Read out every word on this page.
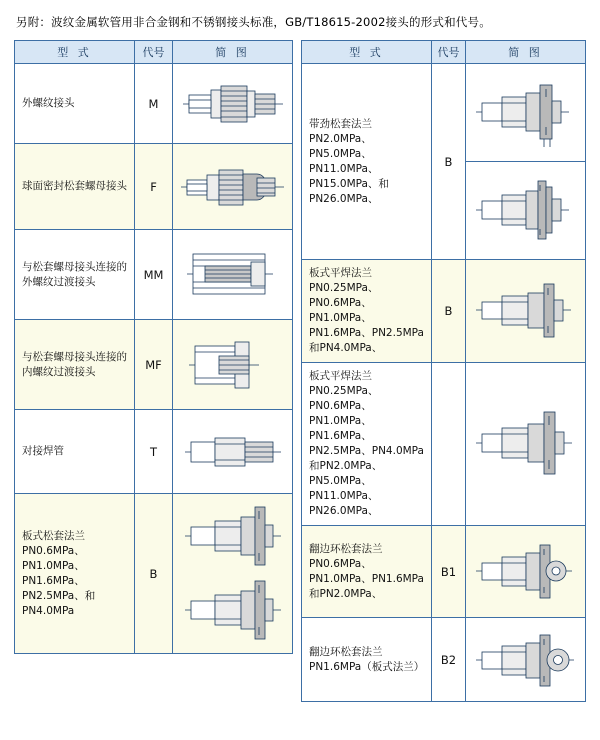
另附：波纹金属软管用非合金钢和不锈钢接头标准，GB/T18615-2002接头的形式和代号。
型 式	代号	简 图

外螺纹接头	M	

球面密封松套螺母接头	F	

与松套螺母接头连接的外螺纹过渡接头	MM	

与松套螺母接头连接的内螺纹过渡接头	MF	

对接焊管	T	

板式松套法兰 PN0.6MPa、PN1.0MPa、PN1.6MPa、PN2.5MPa、和PN4.0MPa	B	
型 式	代号	简 图

带劲松套法兰 PN2.0MPa、PN5.0MPa、PN11.0MPa、PN15.0MPa、和PN26.0MPa、	B	

板式平焊法兰 PN0.25MPa、PN0.6MPa、PN1.0MPa、PN1.6MPa、PN2.5MPa和PN4.0MPa、	B	

板式平焊法兰 PN0.25MPa、PN0.6MPa、PN1.0MPa、PN1.6MPa、PN2.5MPa、PN4.0MPa 和PN2.0MPa、PN5.0MPa、PN11.0MPa、PN26.0MPa、

翻边环松套法兰 PN0.6MPa、PN1.0MPa、PN1.6MPa和PN2.0MPa、	B1	

翻边环松套法兰 PN1.6MPa（板式法兰）	B2	
